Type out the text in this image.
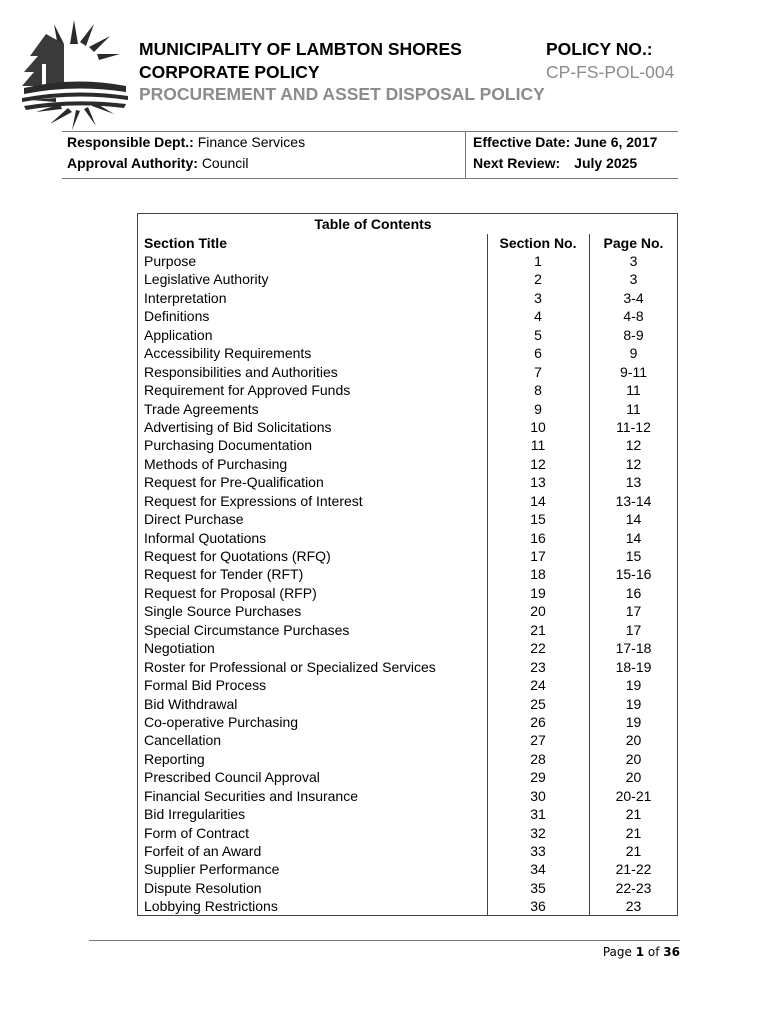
MUNICIPALITY OF LAMBTON SHORES
CORPORATE POLICY
PROCUREMENT AND ASSET DISPOSAL POLICY
POLICY NO.:
CP-FS-POL-004
Responsible Dept.: Finance Services
Approval Authority: Council
Effective Date: June 6, 2017
Next Review: July 2025
Table of Contents
Section Title	Section No.	Page No.
Purpose	1	3
Legislative Authority	2	3
Interpretation	3	3-4
Definitions	4	4-8
Application	5	8-9
Accessibility Requirements	6	9
Responsibilities and Authorities	7	9-11
Requirement for Approved Funds	8	11
Trade Agreements	9	11
Advertising of Bid Solicitations	10	11-12
Purchasing Documentation	11	12
Methods of Purchasing	12	12
Request for Pre-Qualification	13	13
Request for Expressions of Interest	14	13-14
Direct Purchase	15	14
Informal Quotations	16	14
Request for Quotations (RFQ)	17	15
Request for Tender (RFT)	18	15-16
Request for Proposal (RFP)	19	16
Single Source Purchases	20	17
Special Circumstance Purchases	21	17
Negotiation	22	17-18
Roster for Professional or Specialized Services	23	18-19
Formal Bid Process	24	19
Bid Withdrawal	25	19
Co-operative Purchasing	26	19
Cancellation	27	20
Reporting	28	20
Prescribed Council Approval	29	20
Financial Securities and Insurance	30	20-21
Bid Irregularities	31	21
Form of Contract	32	21
Forfeit of an Award	33	21
Supplier Performance	34	21-22
Dispute Resolution	35	22-23
Lobbying Restrictions	36	23
Page 1 of 36
